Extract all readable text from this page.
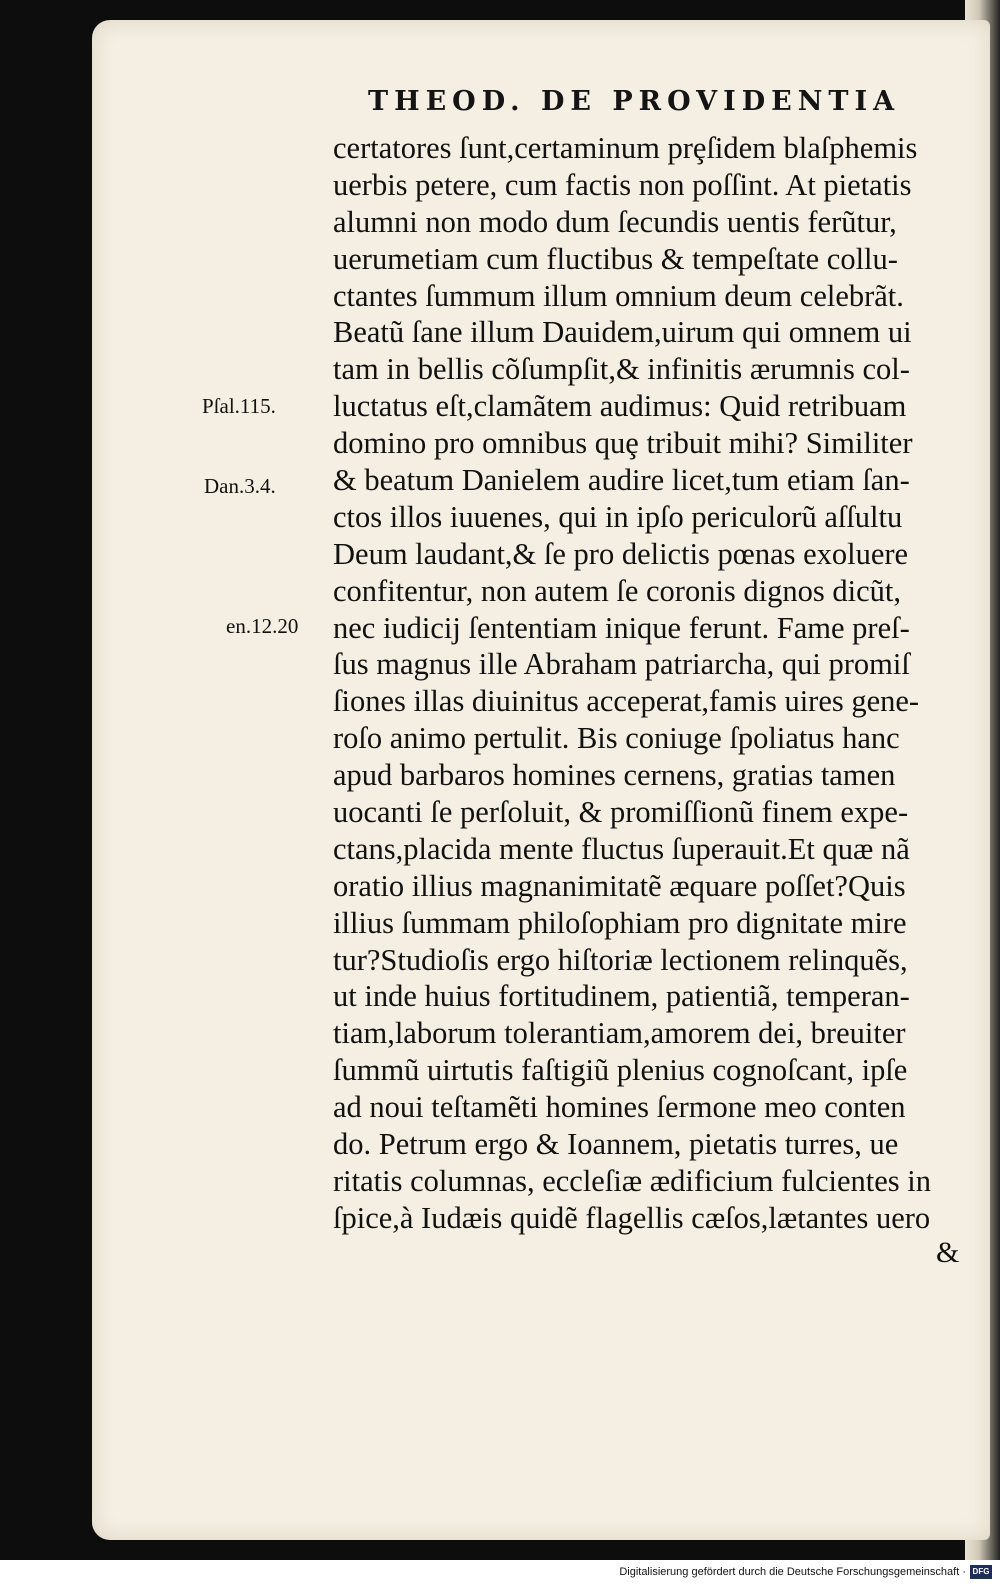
THEOD. DE PROVIDENTIA
certatores ſunt,certaminum prȩſidem blaſphemis
uerbis petere, cum factis non poſſint. At pietatis
alumni non modo dum ſecundis uentis ferũtur,
uerumetiam cum fluctibus & tempeſtate collu-
ctantes ſummum illum omnium deum celebrãt.
Beatũ ſane illum Dauidem,uirum qui omnem ui
tam in bellis cõſumpſit,& infinitis ærumnis col-
luctatus eſt,clamãtem audimus: Quid retribuam
domino pro omnibus quȩ tribuit mihi? Similiter
& beatum Danielem audire licet,tum etiam ſan-
ctos illos iuuenes, qui in ipſo periculorũ aſſultu
Deum laudant,& ſe pro delictis pœnas exoluere
confitentur, non autem ſe coronis dignos dicũt,
nec iudicij ſententiam inique ferunt. Fame preſ-
ſus magnus ille Abraham patriarcha, qui promiſ
ſiones illas diuinitus acceperat,famis uires gene-
roſo animo pertulit. Bis coniuge ſpoliatus hanc
apud barbaros homines cernens, gratias tamen
uocanti ſe perſoluit, & promiſſionũ finem expe-
ctans,placida mente fluctus ſuperauit.Et quæ nã
oratio illius magnanimitatẽ æquare poſſet?Quis
illius ſummam philoſophiam pro dignitate mire
tur?Studioſis ergo hiſtoriæ lectionem relinquẽs,
ut inde huius fortitudinem, patientiã, temperan-
tiam,laborum tolerantiam,amorem dei, breuiter
ſummũ uirtutis faſtigiũ plenius cognoſcant, ipſe
ad noui teſtamẽti homines ſermone meo conten
do. Petrum ergo & Ioannem, pietatis turres, ue
ritatis columnas, eccleſiæ ædificium fulcientes in
ſpice,à Iudæis quidẽ flagellis cæſos,lætantes uero
&
Pſal.115.
Dan.3.4.
en.12.20
Digitalisierung gefördert durch die Deutsche Forschungsgemeinschaft · DFG
